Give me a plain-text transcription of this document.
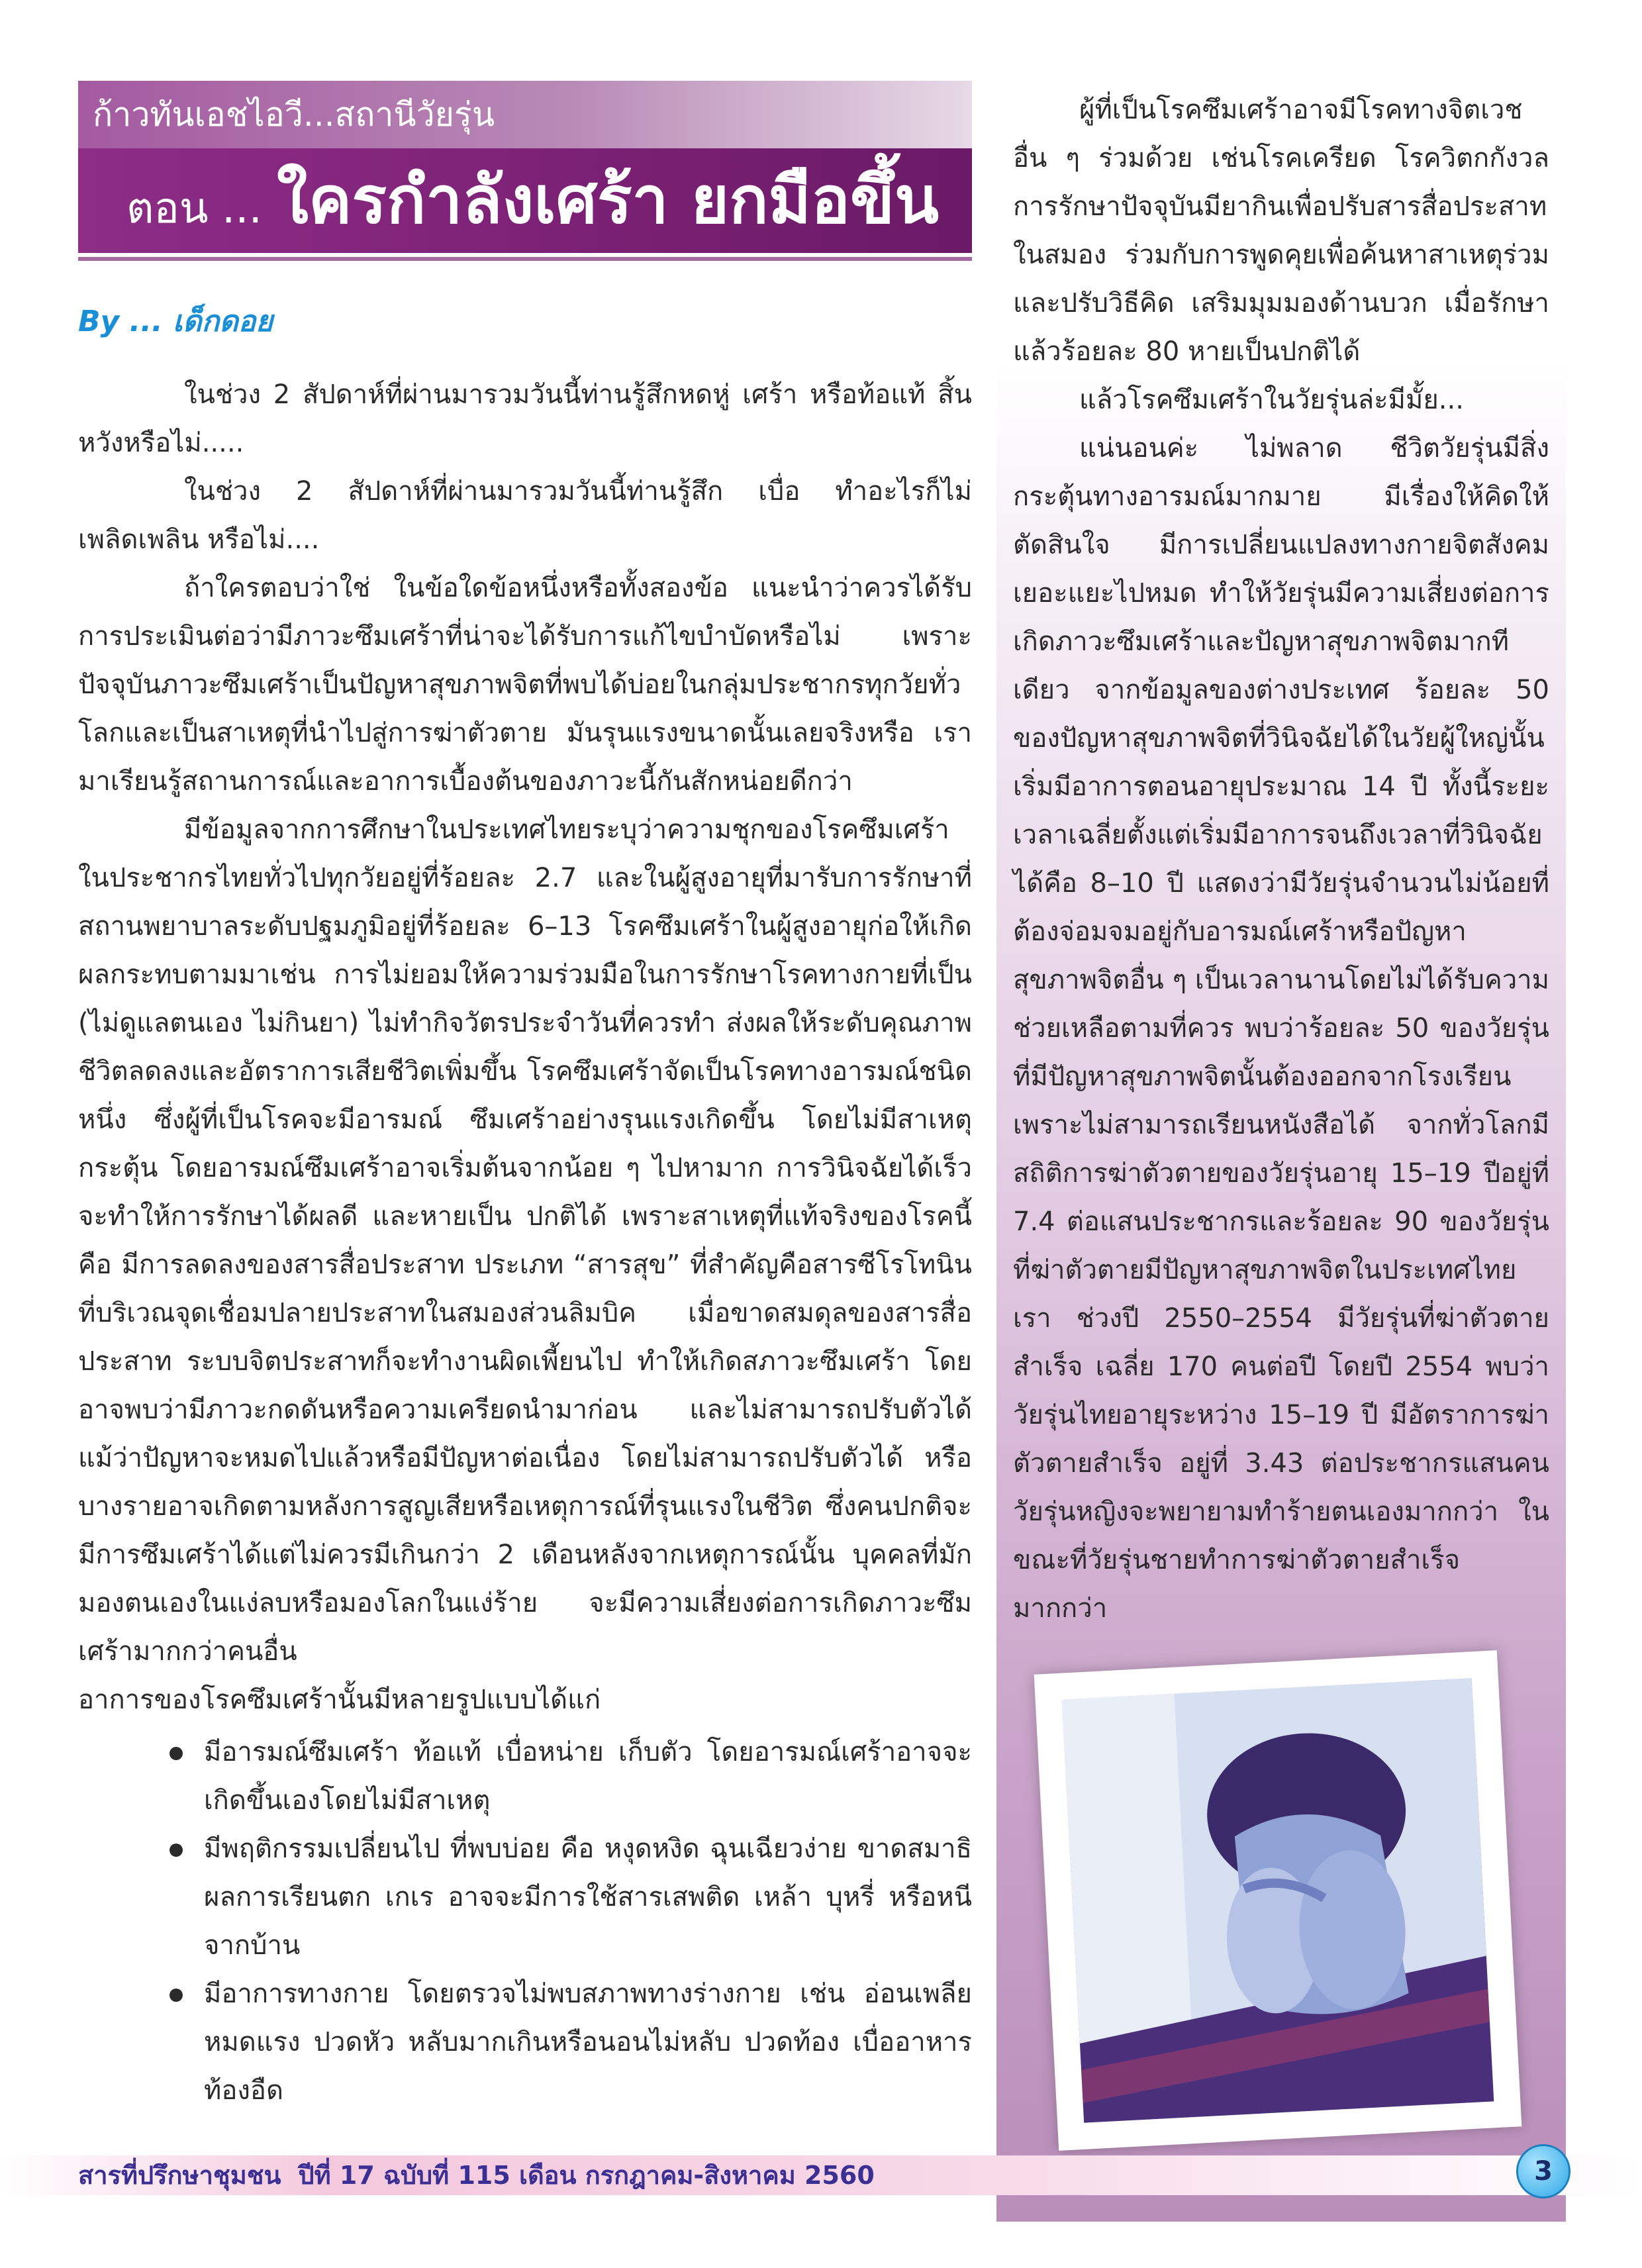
ก้าวทันเอชไอวี...สถานีวัยรุ่น
ตอน ... ใครกำลังเศร้า ยกมือขึ้น
By ... เด็กดอย

ในช่วง 2 สัปดาห์ที่ผ่านมารวมวันนี้ท่านรู้สึกหดหู่ เศร้า หรือท้อแท้ สิ้นหวังหรือไม่.....

ในช่วง 2 สัปดาห์ที่ผ่านมารวมวันนี้ท่านรู้สึก เบื่อ ทำอะไรก็ไม่เพลิดเพลิน หรือไม่....

ถ้าใครตอบว่าใช่ ในข้อใดข้อหนึ่งหรือทั้งสองข้อ แนะนำว่าควรได้รับการประเมินต่อว่ามีภาวะซึมเศร้าที่น่าจะได้รับการแก้ไขบำบัดหรือไม่ เพราะปัจจุบันภาวะซึมเศร้าเป็นปัญหาสุขภาพจิตที่พบได้บ่อยในกลุ่มประชากรทุกวัยทั่วโลกและเป็นสาเหตุที่นำไปสู่การฆ่าตัวตาย มันรุนแรงขนาดนั้นเลยจริงหรือ เรามาเรียนรู้สถานการณ์และอาการเบื้องต้นของภาวะนี้กันสักหน่อยดีกว่า

มีข้อมูลจากการศึกษาในประเทศไทยระบุว่าความชุกของโรคซึมเศร้าในประชากรไทยทั่วไปทุกวัยอยู่ที่ร้อยละ 2.7 และในผู้สูงอายุที่มารับการรักษาที่สถานพยาบาลระดับปฐมภูมิอยู่ที่ร้อยละ 6–13 โรคซึมเศร้าในผู้สูงอายุก่อให้เกิดผลกระทบตามมาเช่น การไม่ยอมให้ความร่วมมือในการรักษาโรคทางกายที่เป็น (ไม่ดูแลตนเอง ไม่กินยา) ไม่ทำกิจวัตรประจำวันที่ควรทำ ส่งผลให้ระดับคุณภาพชีวิตลดลงและอัตราการเสียชีวิตเพิ่มขึ้น โรคซึมเศร้าจัดเป็นโรคทางอารมณ์ชนิดหนึ่ง ซึ่งผู้ที่เป็นโรคจะมีอารมณ์ ซึมเศร้าอย่างรุนแรงเกิดขึ้น โดยไม่มีสาเหตุกระตุ้น โดยอารมณ์ซึมเศร้าอาจเริ่มต้นจากน้อย ๆ ไปหามาก การวินิจฉัยได้เร็ว จะทำให้การรักษาได้ผลดี และหายเป็น ปกติได้ เพราะสาเหตุที่แท้จริงของโรคนี้คือ มีการลดลงของสารสื่อประสาท ประเภท “สารสุข” ที่สำคัญคือสารซีโรโทนิน ที่บริเวณจุดเชื่อมปลายประสาทในสมองส่วนลิมบิค เมื่อขาดสมดุลของสารสื่อประสาท ระบบจิตประสาทก็จะทำงานผิดเพี้ยนไป ทำให้เกิดสภาวะซึมเศร้า โดยอาจพบว่ามีภาวะกดดันหรือความเครียดนำมาก่อน และไม่สามารถปรับตัวได้ แม้ว่าปัญหาจะหมดไปแล้วหรือมีปัญหาต่อเนื่อง โดยไม่สามารถปรับตัวได้ หรือบางรายอาจเกิดตามหลังการสูญเสียหรือเหตุการณ์ที่รุนแรงในชีวิต ซึ่งคนปกติจะมีการซึมเศร้าได้แต่ไม่ควรมีเกินกว่า 2 เดือนหลังจากเหตุการณ์นั้น บุคคลที่มักมองตนเองในแง่ลบหรือมองโลกในแง่ร้าย จะมีความเสี่ยงต่อการเกิดภาวะซึมเศร้ามากกว่าคนอื่น

อาการของโรคซึมเศร้านั้นมีหลายรูปแบบได้แก่

มีอารมณ์ซึมเศร้า ท้อแท้ เบื่อหน่าย เก็บตัว โดยอารมณ์เศร้าอาจจะเกิดขึ้นเองโดยไม่มีสาเหตุ
มีพฤติกรรมเปลี่ยนไป ที่พบบ่อย คือ หงุดหงิด ฉุนเฉียวง่าย ขาดสมาธิ ผลการเรียนตก เกเร อาจจะมีการใช้สารเสพติด เหล้า บุหรี่ หรือหนีจากบ้าน
มีอาการทางกาย โดยตรวจไม่พบสภาพทางร่างกาย เช่น อ่อนเพลีย หมดแรง ปวดหัว หลับมากเกินหรือนอนไม่หลับ ปวดท้อง เบื่ออาหาร ท้องอืด

ผู้ที่เป็นโรคซึมเศร้าอาจมีโรคทางจิตเวชอื่น ๆ ร่วมด้วย เช่นโรคเครียด โรควิตกกังวล การรักษาปัจจุบันมียากินเพื่อปรับสารสื่อประสาทในสมอง ร่วมกับการพูดคุยเพื่อค้นหาสาเหตุร่วม และปรับวิธีคิด เสริมมุมมองด้านบวก เมื่อรักษาแล้วร้อยละ 80 หายเป็นปกติได้

แล้วโรคซึมเศร้าในวัยรุ่นล่ะมีมั้ย...

แน่นอนค่ะ ไม่พลาด ชีวิตวัยรุ่นมีสิ่งกระตุ้นทางอารมณ์มากมาย มีเรื่องให้คิดให้ตัดสินใจ มีการเปลี่ยนแปลงทางกายจิตสังคมเยอะแยะไปหมด ทำให้วัยรุ่นมีความเสี่ยงต่อการเกิดภาวะซึมเศร้าและปัญหาสุขภาพจิตมากทีเดียว จากข้อมูลของต่างประเทศ ร้อยละ 50 ของปัญหาสุขภาพจิตที่วินิจฉัยได้ในวัยผู้ใหญ่นั้นเริ่มมีอาการตอนอายุประมาณ 14 ปี ทั้งนี้ระยะเวลาเฉลี่ยตั้งแต่เริ่มมีอาการจนถึงเวลาที่วินิจฉัยได้คือ 8–10 ปี แสดงว่ามีวัยรุ่นจำนวนไม่น้อยที่ต้องจ่อมจมอยู่กับอารมณ์เศร้าหรือปัญหาสุขภาพจิตอื่น ๆ เป็นเวลานานโดยไม่ได้รับความช่วยเหลือตามที่ควร พบว่าร้อยละ 50 ของวัยรุ่นที่มีปัญหาสุขภาพจิตนั้นต้องออกจากโรงเรียนเพราะไม่สามารถเรียนหนังสือได้ จากทั่วโลกมีสถิติการฆ่าตัวตายของวัยรุ่นอายุ 15–19 ปีอยู่ที่ 7.4 ต่อแสนประชากรและร้อยละ 90 ของวัยรุ่นที่ฆ่าตัวตายมีปัญหาสุขภาพจิตในประเทศไทยเรา ช่วงปี 2550–2554 มีวัยรุ่นที่ฆ่าตัวตายสำเร็จ เฉลี่ย 170 คนต่อปี โดยปี 2554 พบว่า วัยรุ่นไทยอายุระหว่าง 15–19 ปี มีอัตราการฆ่าตัวตายสำเร็จ อยู่ที่ 3.43 ต่อประชากรแสนคน วัยรุ่นหญิงจะพยายามทำร้ายตนเองมากกว่า ในขณะที่วัยรุ่นชายทำการฆ่าตัวตายสำเร็จมากกว่า

สารที่ปรึกษาชุมชน ปีที่ 17 ฉบับที่ 115 เดือน กรกฎาคม-สิงหาคม 2560	3
